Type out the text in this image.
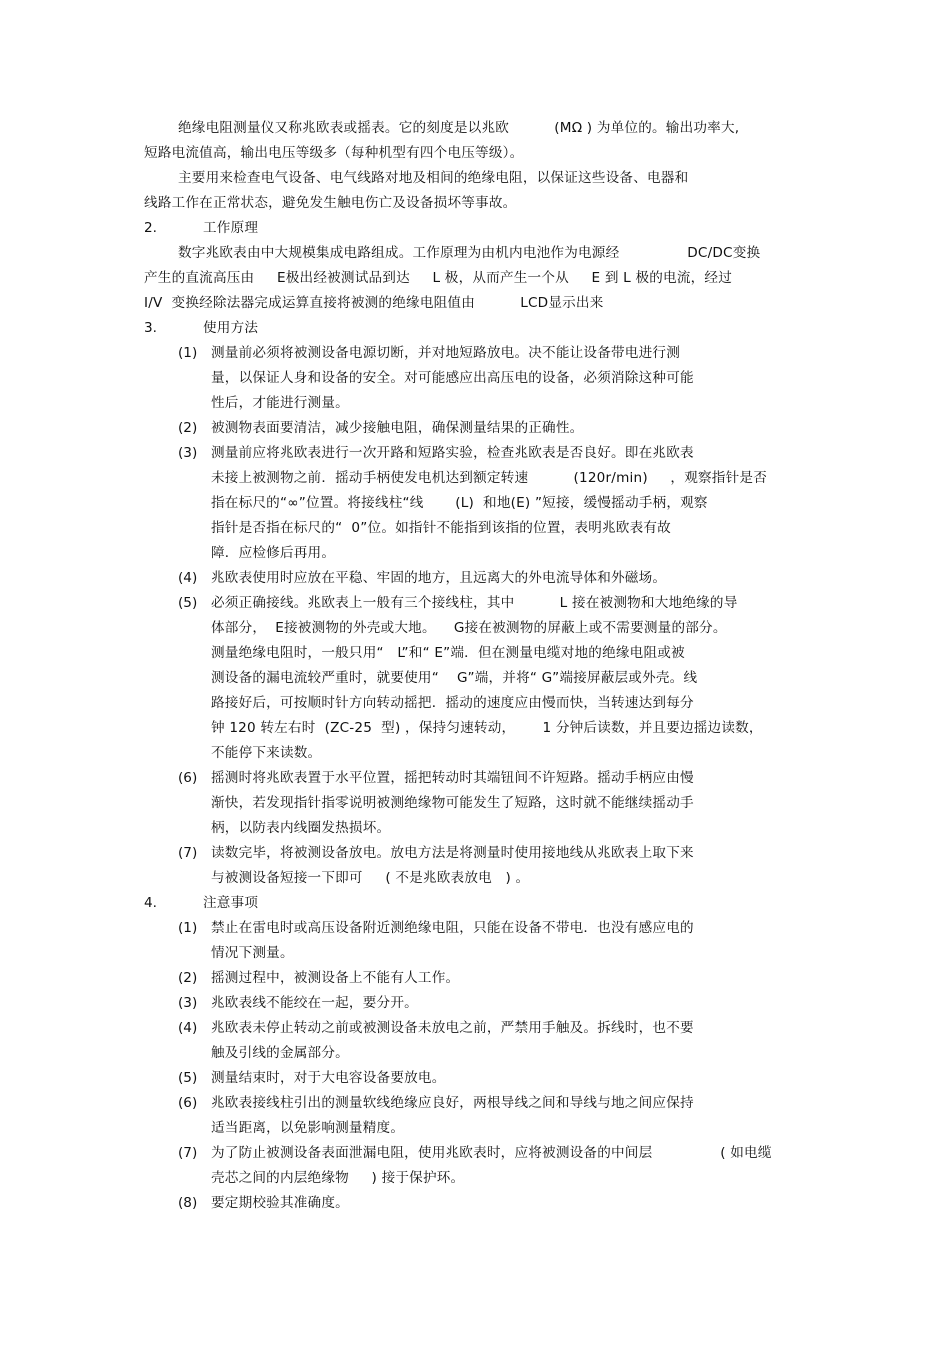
绝缘电阻测量仪又称兆欧表或摇表。它的刻度是以兆欧          (MΩ ) 为单位的。输出功率大,

短路电流值高，输出电压等级多（每种机型有四个电压等级）。

主要用来检查电气设备、电气线路对地及相间的绝缘电阻，以保证这些设备、电器和

线路工作在正常状态，避免发生触电伤亡及设备损坏等事故。

2.	工作原理

数字兆欧表由中大规模集成电路组成。工作原理为由机内电池作为电源经               DC/DC变换

产生的直流高压由     E极出经被测试品到达     L 极，从而产生一个从     E 到 L 极的电流，经过

I/V  变换经除法器完成运算直接将被测的绝缘电阻值由          LCD显示出来

3.	使用方法

(1) 测量前必须将被测设备电源切断，并对地短路放电。决不能让设备带电进行测

量，以保证人身和设备的安全。对可能感应出高压电的设备，必须消除这种可能

性后，才能进行测量。

(2) 被测物表面要清洁，减少接触电阻，确保测量结果的正确性。

(3) 测量前应将兆欧表进行一次开路和短路实验，检查兆欧表是否良好。即在兆欧表

未接上被测物之前．摇动手柄使发电机达到额定转速          (120r/min)     ，观察指针是否

指在标尺的“∞”位置。将接线柱“线       (L)  和地(E) ”短接，缓慢摇动手柄，观察

指针是否指在标尺的“  0”位。如指针不能指到该指的位置，表明兆欧表有故

障．应检修后再用。

(4) 兆欧表使用时应放在平稳、牢固的地方，且远离大的外电流导体和外磁场。

(5) 必须正确接线。兆欧表上一般有三个接线柱，其中          L 接在被测物和大地绝缘的导

体部分，  E接被测物的外壳或大地。    G接在被测物的屏蔽上或不需要测量的部分。

测量绝缘电阻时，一般只用“   L”和“ E”端．但在测量电缆对地的绝缘电阻或被

测设备的漏电流较严重时，就要使用“    G”端，并将“ G”端接屏蔽层或外壳。线

路接好后，可按顺时针方向转动摇把．摇动的速度应由慢而快，当转速达到每分

钟 120 转左右时  (ZC-25  型) ，保持匀速转动，      1 分钟后读数，并且要边摇边读数，

不能停下来读数。

(6) 摇测时将兆欧表置于水平位置，摇把转动时其端钮间不许短路。摇动手柄应由慢

渐快，若发现指针指零说明被测绝缘物可能发生了短路，这时就不能继续摇动手

柄，以防表内线圈发热损坏。

(7) 读数完毕，将被测设备放电。放电方法是将测量时使用接地线从兆欧表上取下来

与被测设备短接一下即可     ( 不是兆欧表放电   ) 。

4.	注意事项

(1) 禁止在雷电时或高压设备附近测绝缘电阻，只能在设备不带电．也没有感应电的

情况下测量。

(2) 摇测过程中，被测设备上不能有人工作。

(3) 兆欧表线不能绞在一起，要分开。

(4) 兆欧表未停止转动之前或被测设备未放电之前，严禁用手触及。拆线时，也不要

触及引线的金属部分。

(5) 测量结束时，对于大电容设备要放电。

(6) 兆欧表接线柱引出的测量软线绝缘应良好，两根导线之间和导线与地之间应保持

适当距离，以免影响测量精度。

(7) 为了防止被测设备表面泄漏电阻，使用兆欧表时，应将被测设备的中间层               ( 如电缆

壳芯之间的内层绝缘物     ) 接于保护环。

(8) 要定期校验其准确度。
